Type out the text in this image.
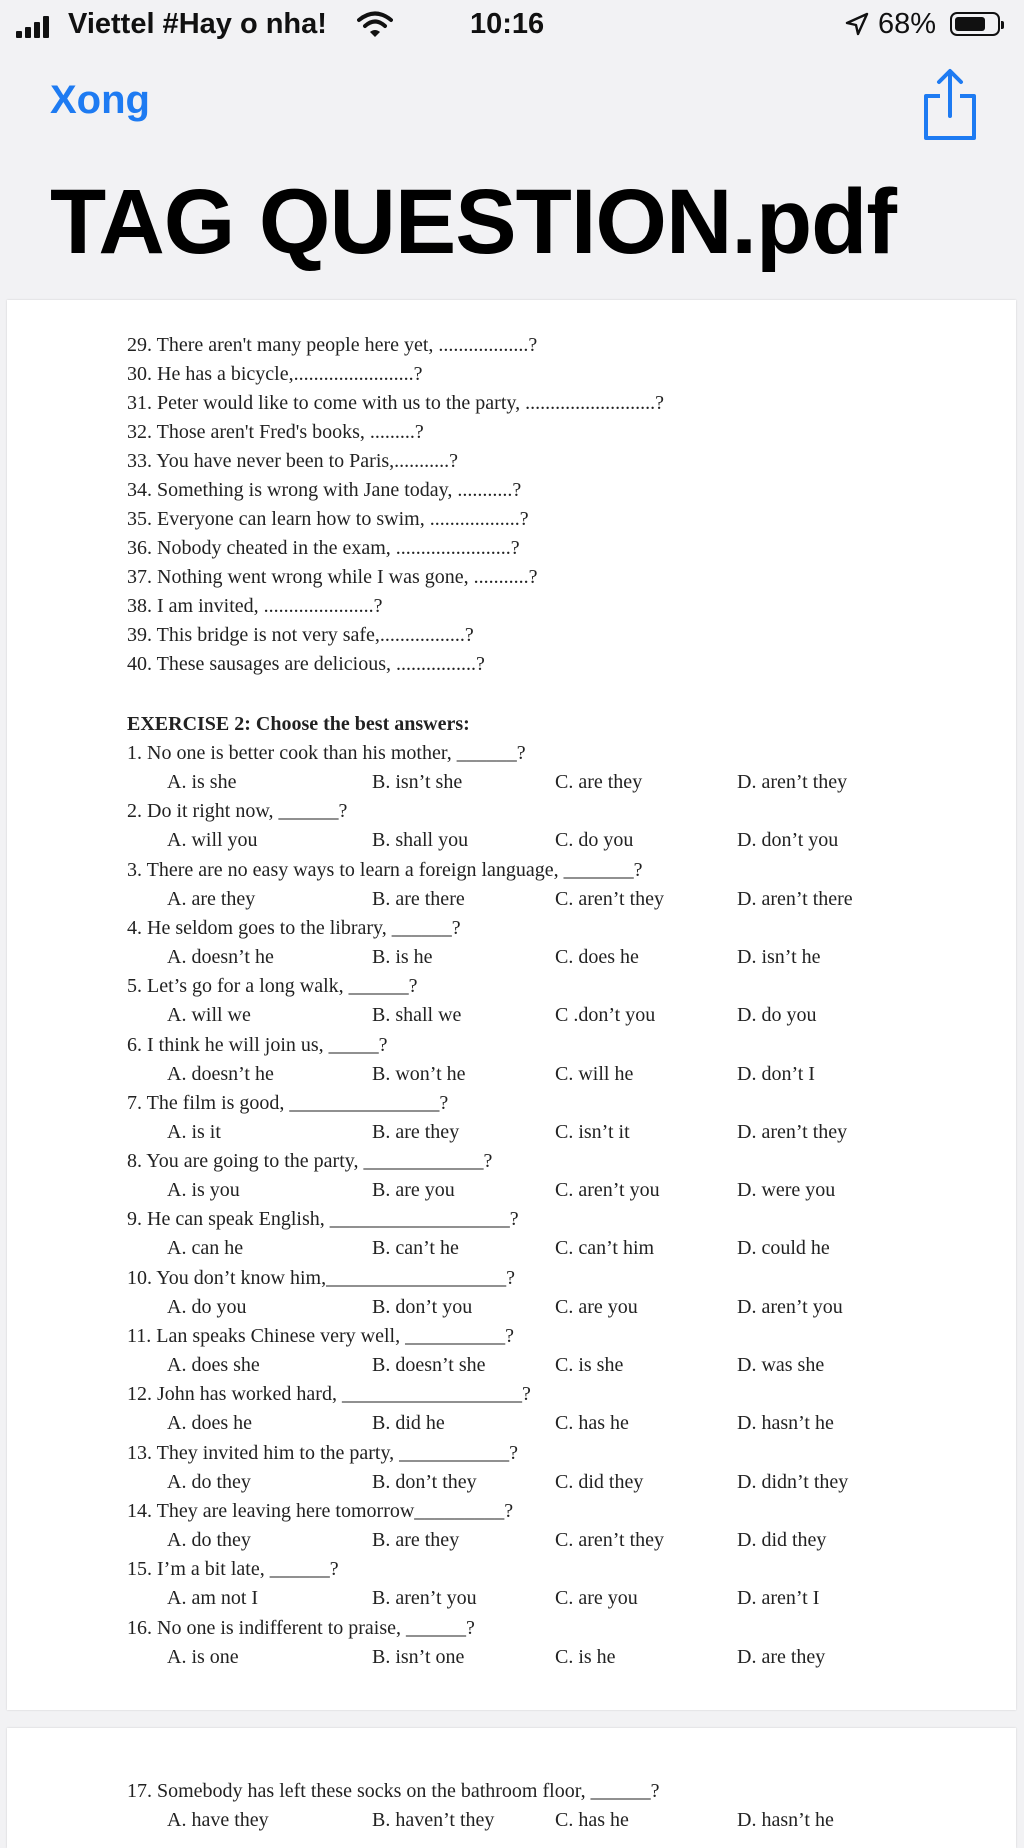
Viettel #Hay o nha!	10:16	68%
Xong
TAG QUESTION.pdf
29. There aren't many people here yet, ..................?
30. He has a bicycle,........................?
31. Peter would like to come with us to the party, ..........................?
32. Those aren't Fred's books, .........?
33. You have never been to Paris,...........?
34. Something is wrong with Jane today, ...........?
35. Everyone can learn how to swim, ..................?
36. Nobody cheated in the exam, .......................?
37. Nothing went wrong while I was gone, ...........?
38. I am invited, ......................?
39. This bridge is not very safe,.................?
40. These sausages are delicious, ................?
EXERCISE 2: Choose the best answers:
1. No one is better cook than his mother, ______?
A. is she	B. isn’t she	C. are they	D. aren’t they
2. Do it right now, ______?
A. will you	B. shall you	C. do you	D. don’t you
3. There are no easy ways to learn a foreign language, _______?
A. are they	B. are there	C. aren’t they	D. aren’t there
4. He seldom goes to the library, ______?
A. doesn’t he	B. is he	C. does he	D. isn’t he
5. Let’s go for a long walk, ______?
A. will we	B. shall we	C .don’t you	D. do you
6. I think he will join us, _____?
A. doesn’t he	B. won’t he	C. will he	D. don’t I
7. The film is good, _______________?
A. is it	B. are they	C. isn’t it	D. aren’t they
8. You are going to the party, ____________?
A. is you	B. are you	C. aren’t you	D. were you
9. He can speak English, __________________?
A. can he	B. can’t he	C. can’t him	D. could he
10. You don’t know him,__________________?
A. do you	B. don’t you	C. are you	D. aren’t you
11. Lan speaks Chinese very well, __________?
A. does she	B. doesn’t she	C. is she	D. was she
12. John has worked hard, __________________?
A. does he	B. did he	C. has he	D. hasn’t he
13. They invited him to the party, ___________?
A. do they	B. don’t they	C. did they	D. didn’t they
14. They are leaving here tomorrow_________?
A. do they	B. are they	C. aren’t they	D. did they
15. I’m a bit late, ______?
A. am not I	B. aren’t you	C. are you	D. aren’t I
16. No one is indifferent to praise, ______?
A. is one	B. isn’t one	C. is he	D. are they
17. Somebody has left these socks on the bathroom floor, ______?
A. have they	B. haven’t they	C. has he	D. hasn’t he
